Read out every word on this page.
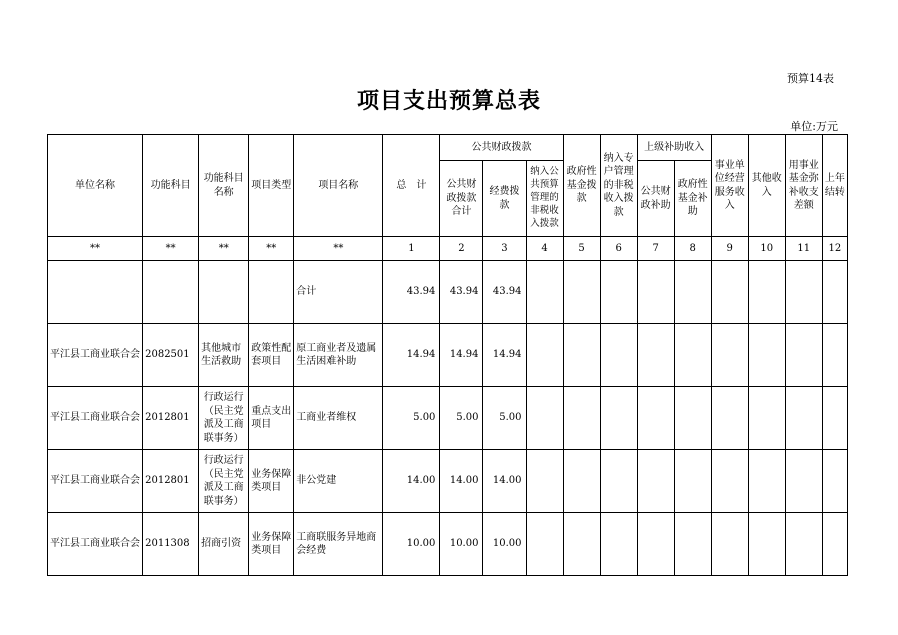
预算14表
项目支出预算总表
单位:万元
单位名称	功能科目	功能科目名称	项目类型	项目名称	总　计	公共财政拨款			政府性基金拨款	纳入专户管理的非税收入拨款	上级补助收入		事业单位经营服务收入	其他收入	用事业基金弥补收支差额	上年结转
						公共财政拨款合计	经费拨款	纳入公共预算管理的非税收入拨款			公共财政补助	政府性基金补助				
**	**	**	**	**	1	2	3	4	5	6	7	8	9	10	11	12
				合计	43.94	43.94	43.94									
平江县工商业联合会	2082501	其他城市生活救助	政策性配套项目	原工商业者及遗属生活困难补助	14.94	14.94	14.94									
平江县工商业联合会	2012801	行政运行（民主党派及工商联事务）	重点支出项目	工商业者维权	5.00	5.00	5.00									
平江县工商业联合会	2012801	行政运行（民主党派及工商联事务）	业务保障类项目	非公党建	14.00	14.00	14.00									
平江县工商业联合会	2011308	招商引资	业务保障类项目	工商联服务异地商会经费	10.00	10.00	10.00									
